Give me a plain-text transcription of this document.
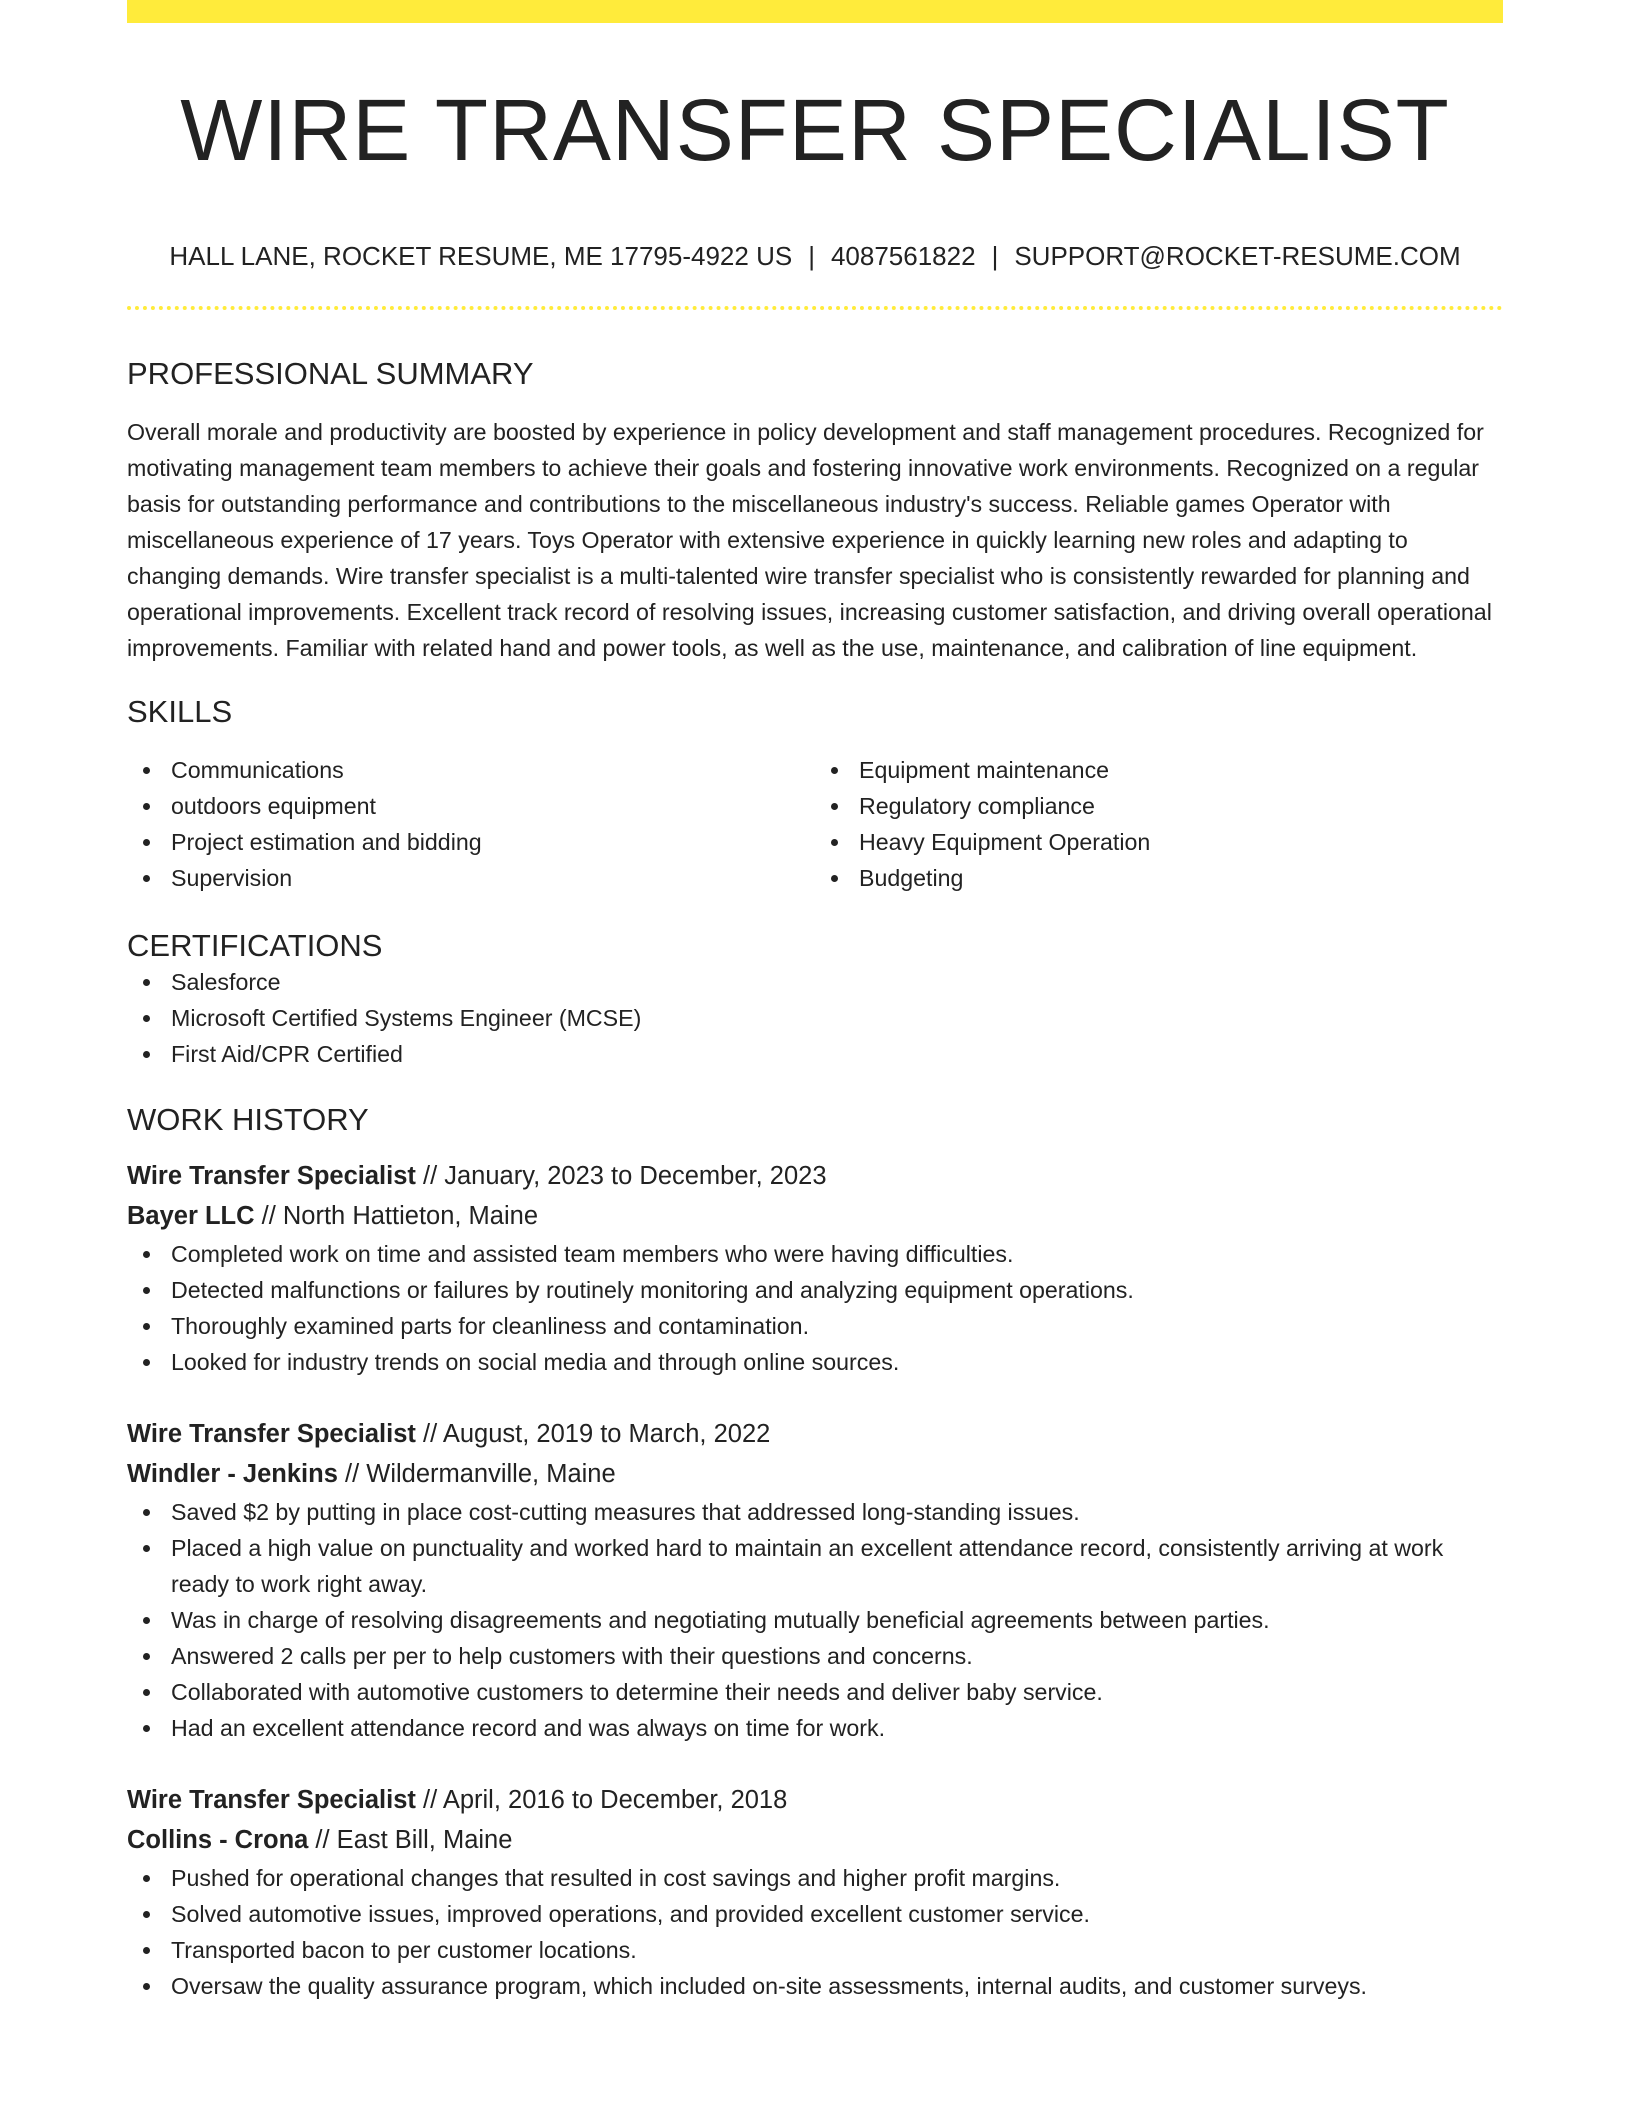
WIRE TRANSFER SPECIALIST
HALL LANE, ROCKET RESUME, ME 17795-4922 US | 4087561822 | SUPPORT@ROCKET-RESUME.COM
PROFESSIONAL SUMMARY

Overall morale and productivity are boosted by experience in policy development and staff management procedures. Recognized for motivating management team members to achieve their goals and fostering innovative work environments. Recognized on a regular basis for outstanding performance and contributions to the miscellaneous industry's success. Reliable games Operator with miscellaneous experience of 17 years. Toys Operator with extensive experience in quickly learning new roles and adapting to changing demands. Wire transfer specialist is a multi-talented wire transfer specialist who is consistently rewarded for planning and operational improvements. Excellent track record of resolving issues, increasing customer satisfaction, and driving overall operational improvements. Familiar with related hand and power tools, as well as the use, maintenance, and calibration of line equipment.

SKILLS
Communications
outdoors equipment
Project estimation and bidding
Supervision
Equipment maintenance
Regulatory compliance
Heavy Equipment Operation
Budgeting
CERTIFICATIONS
Salesforce
Microsoft Certified Systems Engineer (MCSE)
First Aid/CPR Certified
WORK HISTORY
Wire Transfer Specialist // January, 2023 to December, 2023
Bayer LLC // North Hattieton, Maine
Completed work on time and assisted team members who were having difficulties.
Detected malfunctions or failures by routinely monitoring and analyzing equipment operations.
Thoroughly examined parts for cleanliness and contamination.
Looked for industry trends on social media and through online sources.
Wire Transfer Specialist // August, 2019 to March, 2022
Windler - Jenkins // Wildermanville, Maine
Saved $2 by putting in place cost-cutting measures that addressed long-standing issues.
Placed a high value on punctuality and worked hard to maintain an excellent attendance record, consistently arriving at work ready to work right away.
Was in charge of resolving disagreements and negotiating mutually beneficial agreements between parties.
Answered 2 calls per per to help customers with their questions and concerns.
Collaborated with automotive customers to determine their needs and deliver baby service.
Had an excellent attendance record and was always on time for work.
Wire Transfer Specialist // April, 2016 to December, 2018
Collins - Crona // East Bill, Maine
Pushed for operational changes that resulted in cost savings and higher profit margins.
Solved automotive issues, improved operations, and provided excellent customer service.
Transported bacon to per customer locations.
Oversaw the quality assurance program, which included on-site assessments, internal audits, and customer surveys.
